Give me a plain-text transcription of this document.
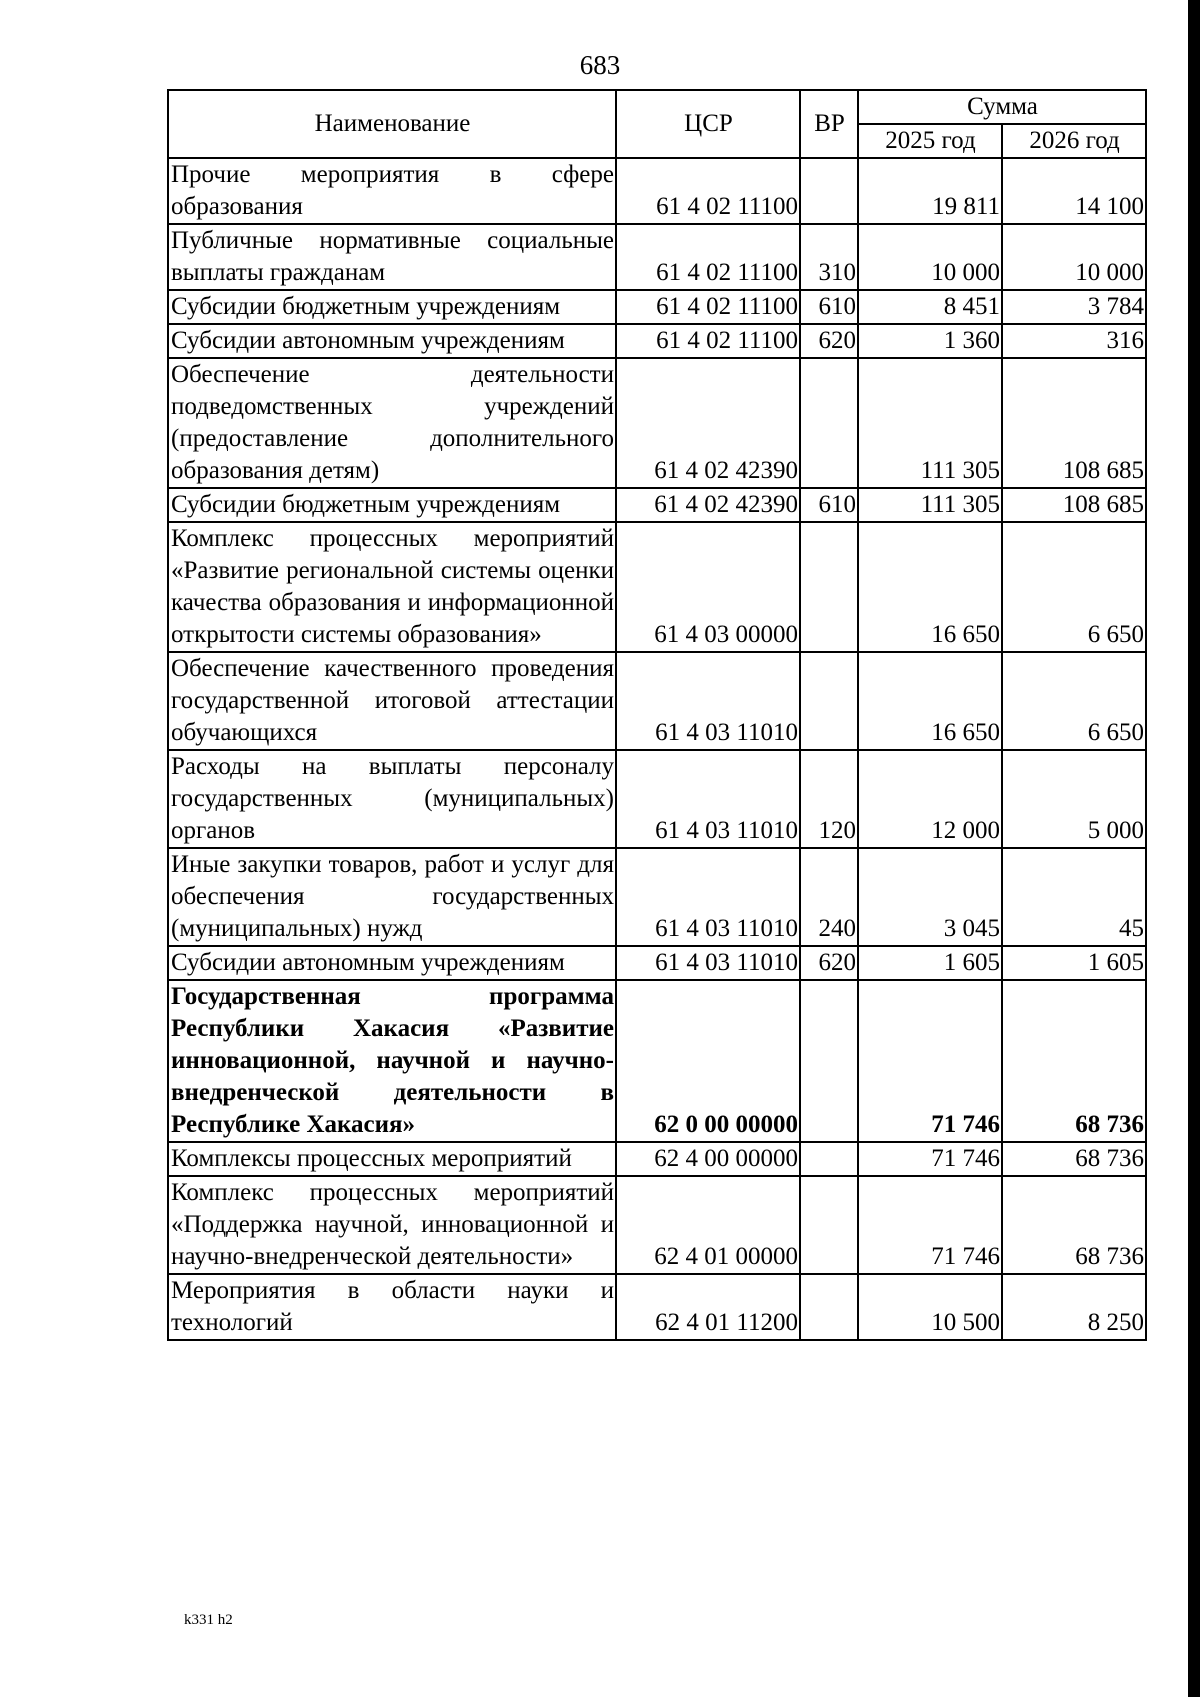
683
Наименование	ЦСР	ВР	Сумма	
			2025 год	2026 год
Прочие мероприятия в сфере образования	61 4 02 11100		19 811	14 100
Публичные нормативные социальные выплаты гражданам	61 4 02 11100	310	10 000	10 000
Субсидии бюджетным учреждениям	61 4 02 11100	610	8 451	3 784
Субсидии автономным учреждениям	61 4 02 11100	620	1 360	316
Обеспечение деятельности подведомственных учреждений (предоставление дополнительного образования детям)	61 4 02 42390		111 305	108 685
Субсидии бюджетным учреждениям	61 4 02 42390	610	111 305	108 685
Комплекс процессных мероприятий «Развитие региональной системы оценки качества образования и информационной открытости системы образования»	61 4 03 00000		16 650	6 650
Обеспечение качественного проведения государственной итоговой аттестации обучающихся	61 4 03 11010		16 650	6 650
Расходы на выплаты персоналу государственных (муниципальных) органов	61 4 03 11010	120	12 000	5 000
Иные закупки товаров, работ и услуг для обеспечения государственных (муниципальных) нужд	61 4 03 11010	240	3 045	45
Субсидии автономным учреждениям	61 4 03 11010	620	1 605	1 605
Государственная программа Республики Хакасия «Развитие инновационной, научной и научно-внедренческой деятельности в Республике Хакасия»	62 0 00 00000		71 746	68 736
Комплексы процессных мероприятий	62 4 00 00000		71 746	68 736
Комплекс процессных мероприятий «Поддержка научной, инновационной и научно-внедренческой деятельности»	62 4 01 00000		71 746	68 736
Мероприятия в области науки и технологий	62 4 01 11200		10 500	8 250
k331 h2
